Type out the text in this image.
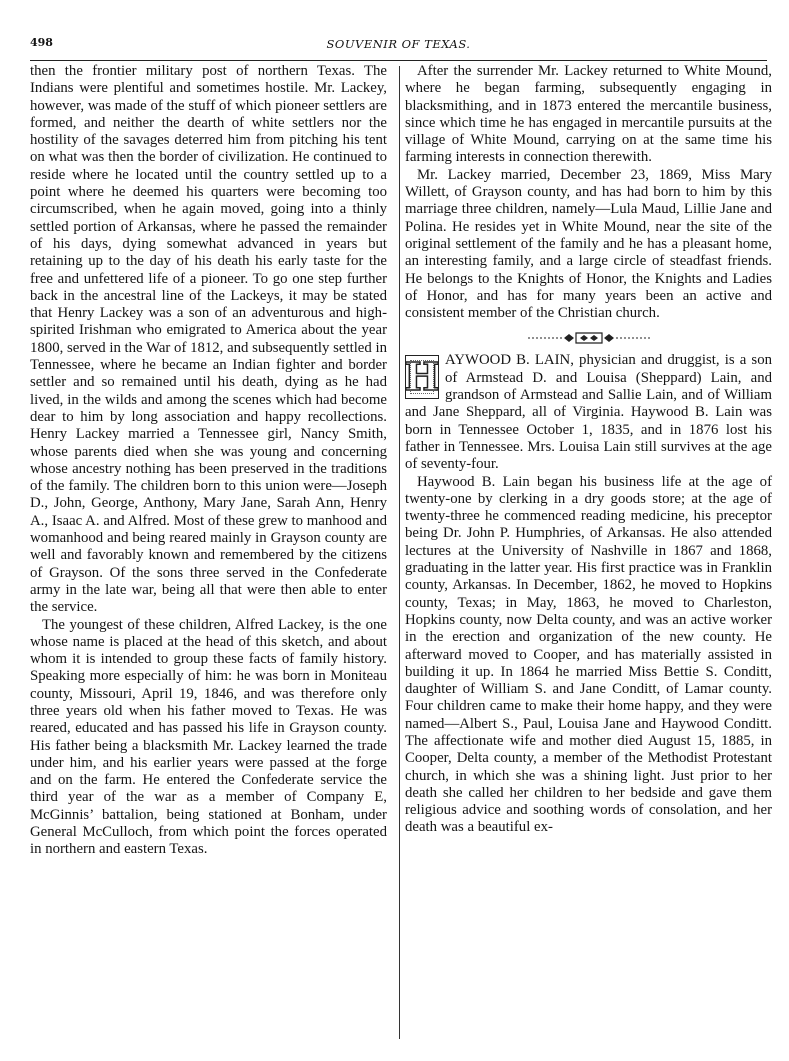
498	SOUVENIR OF TEXAS.

then the frontier military post of northern Texas. The Indians were plentiful and sometimes hostile. Mr. Lackey, however, was made of the stuff of which pioneer settlers are formed, and neither the dearth of white settlers nor the hostility of the savages deterred him from pitching his tent on what was then the border of civilization. He continued to reside where he located until the country settled up to a point where he deemed his quarters were becoming too circumscribed, when he again moved, going into a thinly settled portion of Arkansas, where he passed the remainder of his days, dying somewhat advanced in years but retaining up to the day of his death his early taste for the free and unfettered life of a pioneer. To go one step further back in the ancestral line of the Lackeys, it may be stated that Henry Lackey was a son of an adventurous and high-spirited Irishman who emigrated to America about the year 1800, served in the War of 1812, and subsequently settled in Tennessee, where he became an Indian fighter and border settler and so remained until his death, dying as he had lived, in the wilds and among the scenes which had become dear to him by long association and happy recollections. Henry Lackey married a Tennessee girl, Nancy Smith, whose parents died when she was young and concerning whose ancestry nothing has been preserved in the traditions of the family. The children born to this union were—Joseph D., John, George, Anthony, Mary Jane, Sarah Ann, Henry A., Isaac A. and Alfred. Most of these grew to manhood and womanhood and being reared mainly in Grayson county are well and favorably known and remembered by the citizens of Grayson. Of the sons three served in the Confederate army in the late war, being all that were then able to enter the service.

The youngest of these children, Alfred Lackey, is the one whose name is placed at the head of this sketch, and about whom it is intended to group these facts of family history. Speaking more especially of him: he was born in Moniteau county, Missouri, April 19, 1846, and was therefore only three years old when his father moved to Texas. He was reared, educated and has passed his life in Grayson county. His father being a blacksmith Mr. Lackey learned the trade under him, and his earlier years were passed at the forge and on the farm. He entered the Confederate service the third year of the war as a member of Company E, McGinnis’ battalion, being stationed at Bonham, under General McCulloch, from which point the forces operated in northern and eastern Texas.

After the surrender Mr. Lackey returned to White Mound, where he began farming, subsequently engaging in blacksmithing, and in 1873 entered the mercantile business, since which time he has engaged in mercantile pursuits at the village of White Mound, carrying on at the same time his farming interests in connection therewith.

Mr. Lackey married, December 23, 1869, Miss Mary Willett, of Grayson county, and has had born to him by this marriage three children, namely—Lula Maud, Lillie Jane and Polina. He resides yet in White Mound, near the site of the original settlement of the family and he has a pleasant home, an interesting family, and a large circle of steadfast friends. He belongs to the Knights of Honor, the Knights and Ladies of Honor, and has for many years been an active and consistent member of the Christian church.

H AYWOOD B. LAIN, physician and druggist, is a son of Armstead D. and Louisa (Sheppard) Lain, and grandson of Armstead and Sallie Lain, and of William and Jane Sheppard, all of Virginia. Haywood B. Lain was born in Tennessee October 1, 1835, and in 1876 lost his father in Tennessee. Mrs. Louisa Lain still survives at the age of seventy-four.

Haywood B. Lain began his business life at the age of twenty-one by clerking in a dry goods store; at the age of twenty-three he commenced reading medicine, his preceptor being Dr. John P. Humphries, of Arkansas. He also attended lectures at the University of Nashville in 1867 and 1868, graduating in the latter year. His first practice was in Franklin county, Arkansas. In December, 1862, he moved to Hopkins county, Texas; in May, 1863, he moved to Charleston, Hopkins county, now Delta county, and was an active worker in the erection and organization of the new county. He afterward moved to Cooper, and has materially assisted in building it up. In 1864 he married Miss Bettie S. Conditt, daughter of William S. and Jane Conditt, of Lamar county. Four children came to make their home happy, and they were named—Albert S., Paul, Louisa Jane and Haywood Conditt. The affectionate wife and mother died August 15, 1885, in Cooper, Delta county, a member of the Methodist Protestant church, in which she was a shining light. Just prior to her death she called her children to her bedside and gave them religious advice and soothing words of consolation, and her death was a beautiful ex-
